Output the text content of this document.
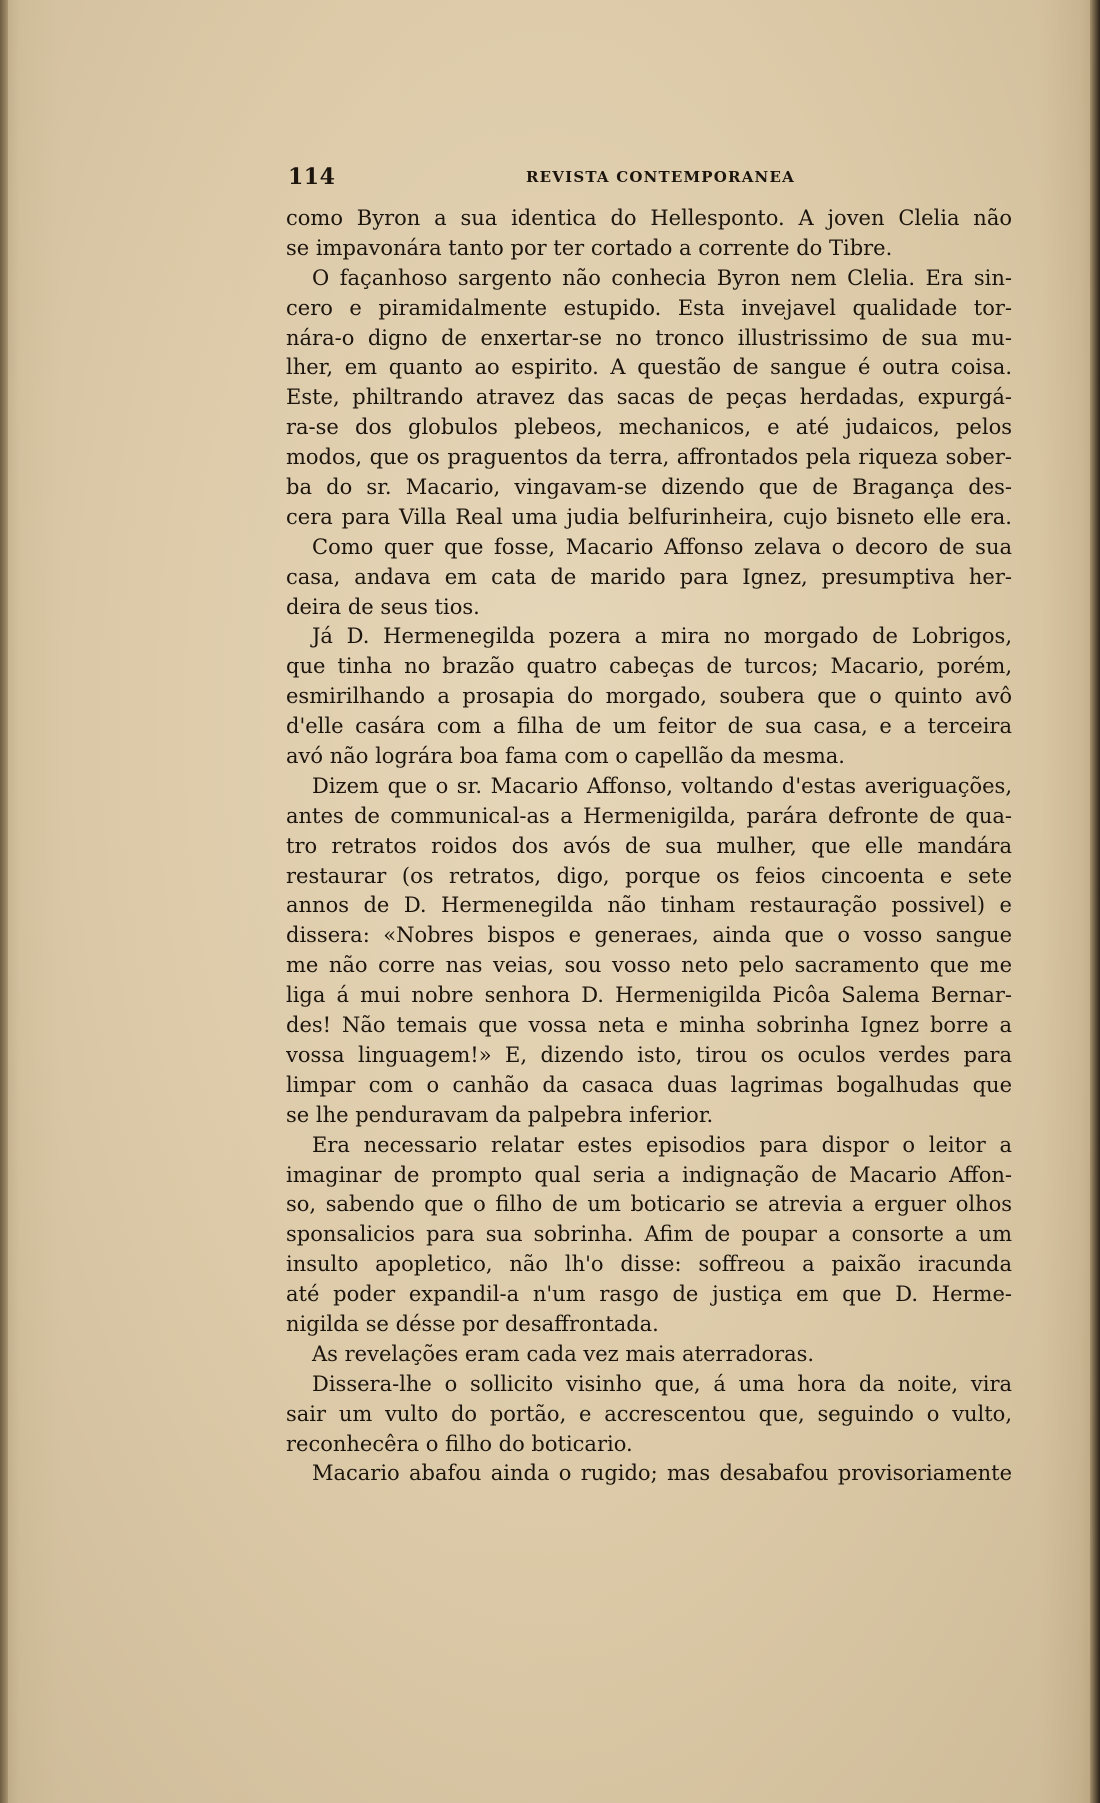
114	REVISTA CONTEMPORANEA
como Byron a sua identica do Hellesponto. A joven Clelia não
se impavonára tanto por ter cortado a corrente do Tibre.
O façanhoso sargento não conhecia Byron nem Clelia. Era sin-
cero e piramidalmente estupido. Esta invejavel qualidade tor-
nára-o digno de enxertar-se no tronco illustrissimo de sua mu-
lher, em quanto ao espirito. A questão de sangue é outra coisa.
Este, philtrando atravez das sacas de peças herdadas, expurgá-
ra-se dos globulos plebeos, mechanicos, e até judaicos, pelos
modos, que os praguentos da terra, affrontados pela riqueza sober-
ba do sr. Macario, vingavam-se dizendo que de Bragança des-
cera para Villa Real uma judia belfurinheira, cujo bisneto elle era.
Como quer que fosse, Macario Affonso zelava o decoro de sua
casa, andava em cata de marido para Ignez, presumptiva her-
deira de seus tios.
Já D. Hermenegilda pozera a mira no morgado de Lobrigos,
que tinha no brazão quatro cabeças de turcos; Macario, porém,
esmirilhando a prosapia do morgado, soubera que o quinto avô
d'elle casára com a filha de um feitor de sua casa, e a terceira
avó não lográra boa fama com o capellão da mesma.
Dizem que o sr. Macario Affonso, voltando d'estas averiguações,
antes de communical-as a Hermenigilda, parára defronte de qua-
tro retratos roidos dos avós de sua mulher, que elle mandára
restaurar (os retratos, digo, porque os feios cincoenta e sete
annos de D. Hermenegilda não tinham restauração possivel) e
dissera: «Nobres bispos e generaes, ainda que o vosso sangue
me não corre nas veias, sou vosso neto pelo sacramento que me
liga á mui nobre senhora D. Hermenigilda Picôa Salema Bernar-
des! Não temais que vossa neta e minha sobrinha Ignez borre a
vossa linguagem!» E, dizendo isto, tirou os oculos verdes para
limpar com o canhão da casaca duas lagrimas bogalhudas que
se lhe penduravam da palpebra inferior.
Era necessario relatar estes episodios para dispor o leitor a
imaginar de prompto qual seria a indignação de Macario Affon-
so, sabendo que o filho de um boticario se atrevia a erguer olhos
sponsalicios para sua sobrinha. Afim de poupar a consorte a um
insulto apopletico, não lh'o disse: soffreou a paixão iracunda
até poder expandil-a n'um rasgo de justiça em que D. Herme-
nigilda se désse por desaffrontada.
As revelações eram cada vez mais aterradoras.
Dissera-lhe o sollicito visinho que, á uma hora da noite, vira
sair um vulto do portão, e accrescentou que, seguindo o vulto,
reconhecêra o filho do boticario.
Macario abafou ainda o rugido; mas desabafou provisoriamente
